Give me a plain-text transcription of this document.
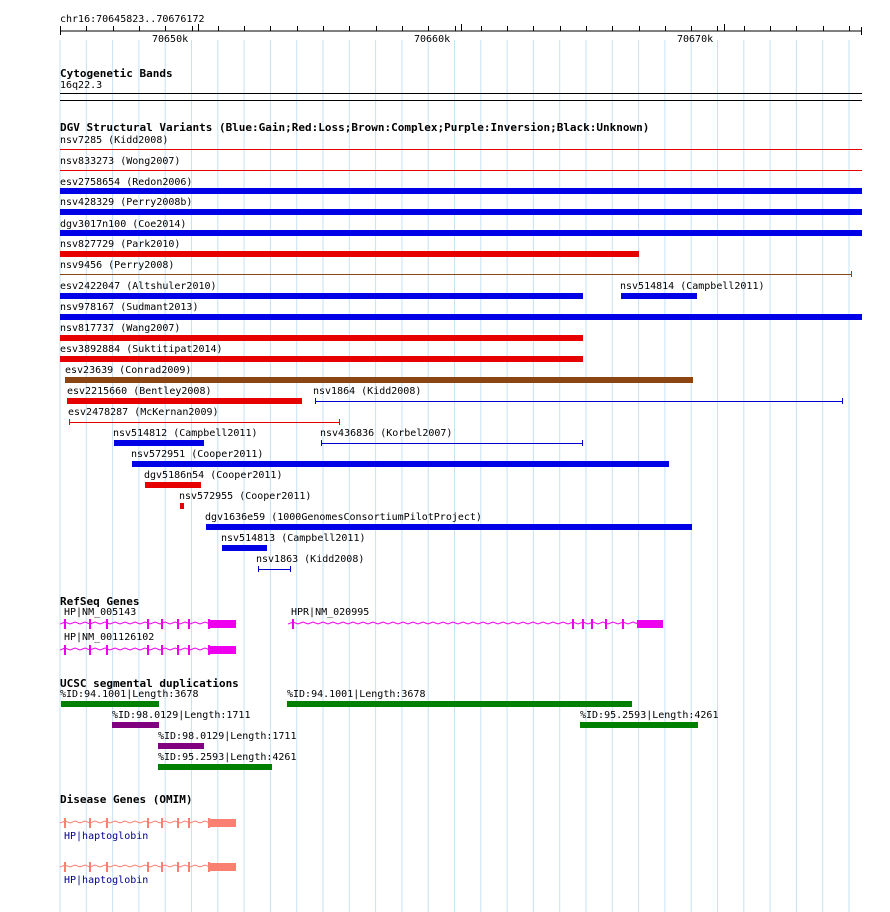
chr16:70645823..70676172
70650k	70660k	70670k
Cytogenetic Bands
16q22.3
DGV Structural Variants (Blue:Gain;Red:Loss;Brown:Complex;Purple:Inversion;Black:Unknown)
nsv7285 (Kidd2008)
nsv833273 (Wong2007)
esv2758654 (Redon2006)
nsv428329 (Perry2008b)
dgv3017n100 (Coe2014)
nsv827729 (Park2010)
nsv9456 (Perry2008)
esv2422047 (Altshuler2010)	nsv514814 (Campbell2011)
nsv978167 (Sudmant2013)
nsv817737 (Wang2007)
esv3892884 (Suktitipat2014)
esv23639 (Conrad2009)
esv2215660 (Bentley2008)	nsv1864 (Kidd2008)
esv2478287 (McKernan2009)
nsv514812 (Campbell2011)	nsv436836 (Korbel2007)
nsv572951 (Cooper2011)
dgv5186n54 (Cooper2011)
nsv572955 (Cooper2011)
dgv1636e59 (1000GenomesConsortiumPilotProject)
nsv514813 (Campbell2011)
nsv1863 (Kidd2008)
RefSeq Genes
HP|NM_005143
HP|NM_001126102
HPR|NM_020995
UCSC segmental duplications
%ID:94.1001|Length:3678	%ID:94.1001|Length:3678
%ID:98.0129|Length:1711	%ID:95.2593|Length:4261
%ID:98.0129|Length:1711
%ID:95.2593|Length:4261
Disease Genes (OMIM)
HP|haptoglobin
HP|haptoglobin
